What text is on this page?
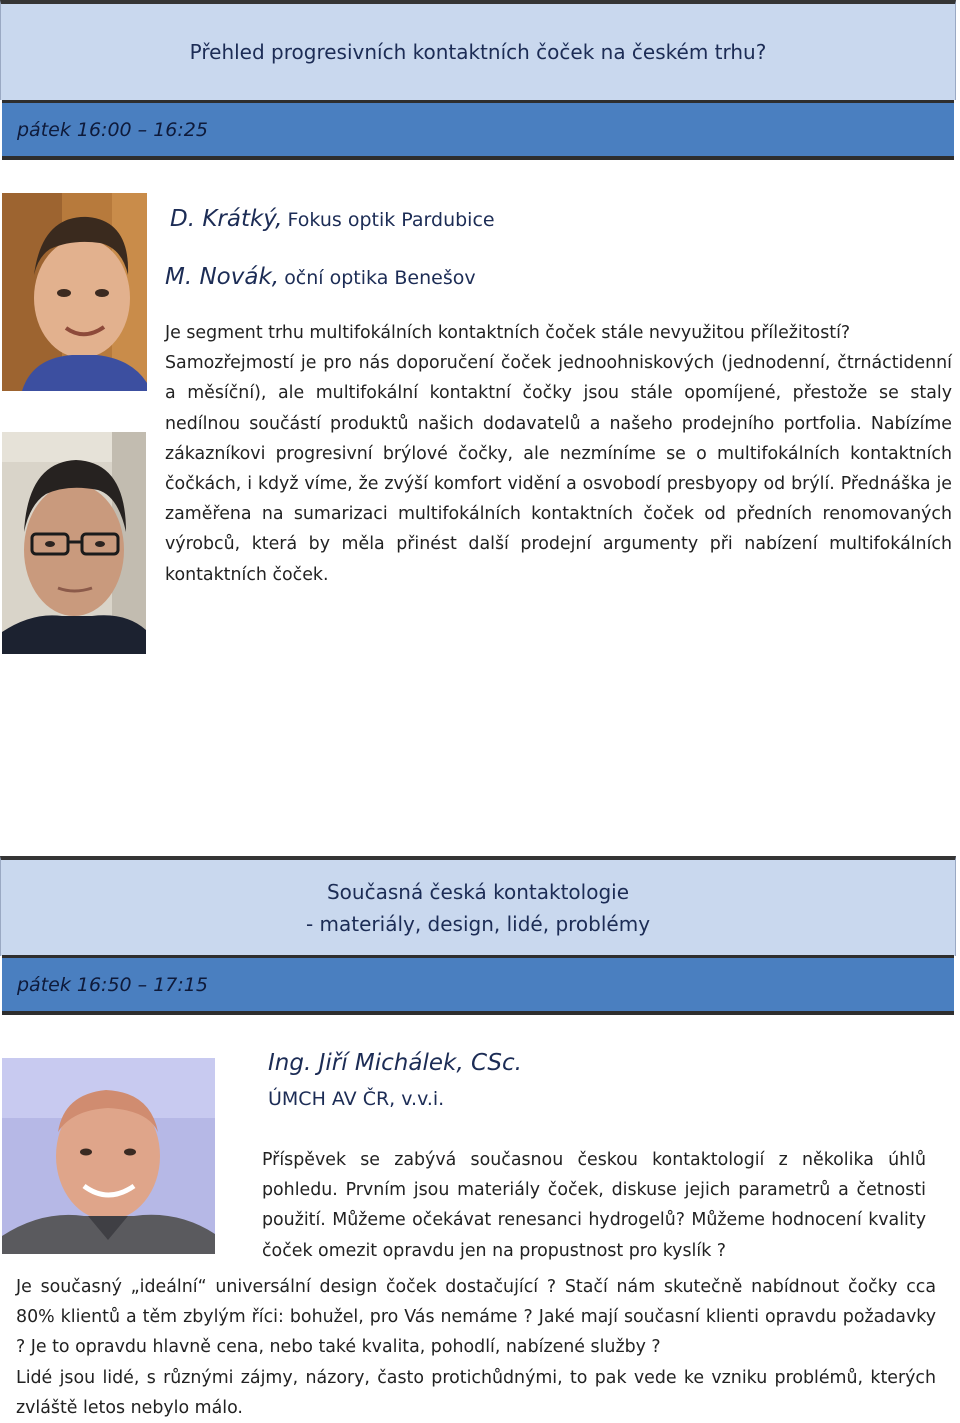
Přehled progresivních kontaktních čoček na českém trhu?
pátek 16:00 – 16:25
D. Krátký, Fokus optik Pardubice
M. Novák, oční optika Benešov

Je segment trhu multifokálních kontaktních čoček stále nevyužitou příležitostí?

Samozřejmostí je pro nás doporučení čoček jednoohniskových (jednodenní, čtrnáctidenní a měsíční), ale multifokální kontaktní čočky jsou stále opomíjené, přestože se staly nedílnou součástí produktů našich dodavatelů a našeho prodejního portfolia. Nabízíme zákazníkovi progresivní brýlové čočky, ale nezmíníme se o multifokálních kontaktních čočkách, i když víme, že zvýší komfort vidění a osvobodí presbyopy od brýlí. Přednáška je zaměřena na sumarizaci multifokálních kontaktních čoček od předních renomovaných výrobců, která by měla přinést další prodejní argumenty při nabízení multifokálních kontaktních čoček.

Současná česká kontaktologie
- materiály, design, lidé, problémy
pátek 16:50 – 17:15
Ing. Jiří Michálek, CSc.
ÚMCH AV ČR, v.v.i.

Příspěvek se zabývá současnou českou kontaktologií z několika úhlů pohledu. Prvním jsou materiály čoček, diskuse jejich parametrů a četnosti použití. Můžeme očekávat renesanci hydrogelů? Můžeme hodnocení kvality čoček omezit opravdu jen na propustnost pro kyslík ?

Je současný „ideální“ universální design čoček dostačující ? Stačí nám skutečně nabídnout čočky cca 80% klientů a těm zbylým říci: bohužel, pro Vás nemáme ? Jaké mají současní klienti opravdu požadavky ? Je to opravdu hlavně cena, nebo také kvalita, pohodlí, nabízené služby ?

Lidé jsou lidé, s různými zájmy, názory, často protichůdnými, to pak vede ke vzniku problémů, kterých zvláště letos nebylo málo.
